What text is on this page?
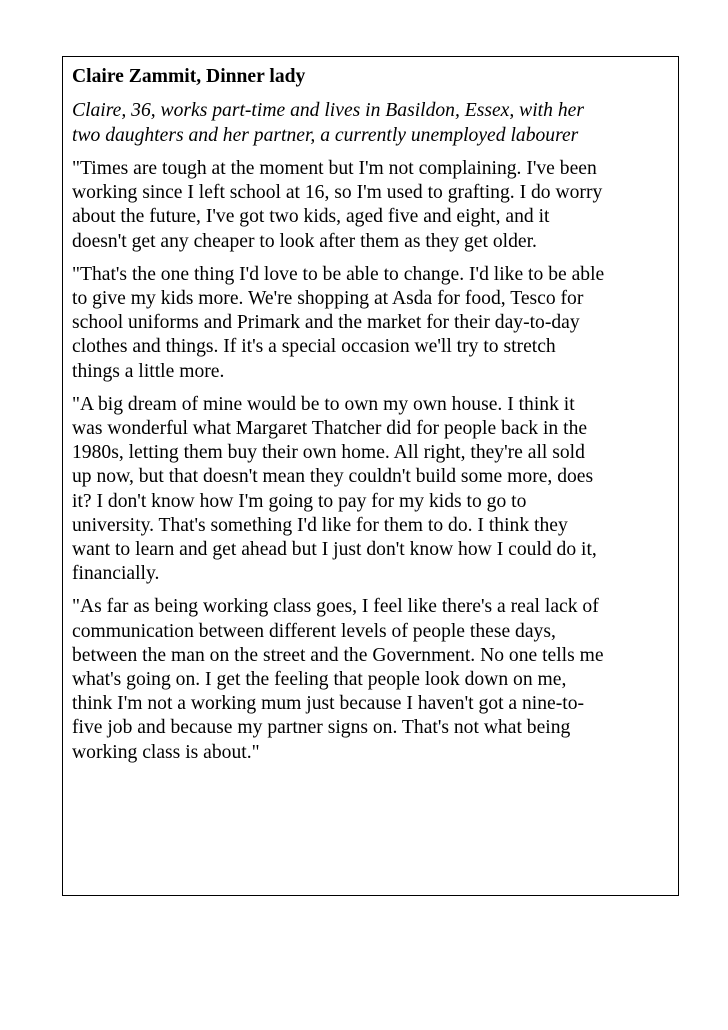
Claire Zammit, Dinner lady
Claire, 36, works part-time and lives in Basildon, Essex, with her
two daughters and her partner, a currently unemployed labourer
"Times are tough at the moment but I'm not complaining. I've been
working since I left school at 16, so I'm used to grafting. I do worry
about the future, I've got two kids, aged five and eight, and it
doesn't get any cheaper to look after them as they get older.
"That's the one thing I'd love to be able to change. I'd like to be able
to give my kids more. We're shopping at Asda for food, Tesco for
school uniforms and Primark and the market for their day-to-day
clothes and things. If it's a special occasion we'll try to stretch
things a little more.
"A big dream of mine would be to own my own house. I think it
was wonderful what Margaret Thatcher did for people back in the
1980s, letting them buy their own home. All right, they're all sold
up now, but that doesn't mean they couldn't build some more, does
it? I don't know how I'm going to pay for my kids to go to
university. That's something I'd like for them to do. I think they
want to learn and get ahead but I just don't know how I could do it,
financially.
"As far as being working class goes, I feel like there's a real lack of
communication between different levels of people these days,
between the man on the street and the Government. No one tells me
what's going on. I get the feeling that people look down on me,
think I'm not a working mum just because I haven't got a nine-to-
five job and because my partner signs on. That's not what being
working class is about."
